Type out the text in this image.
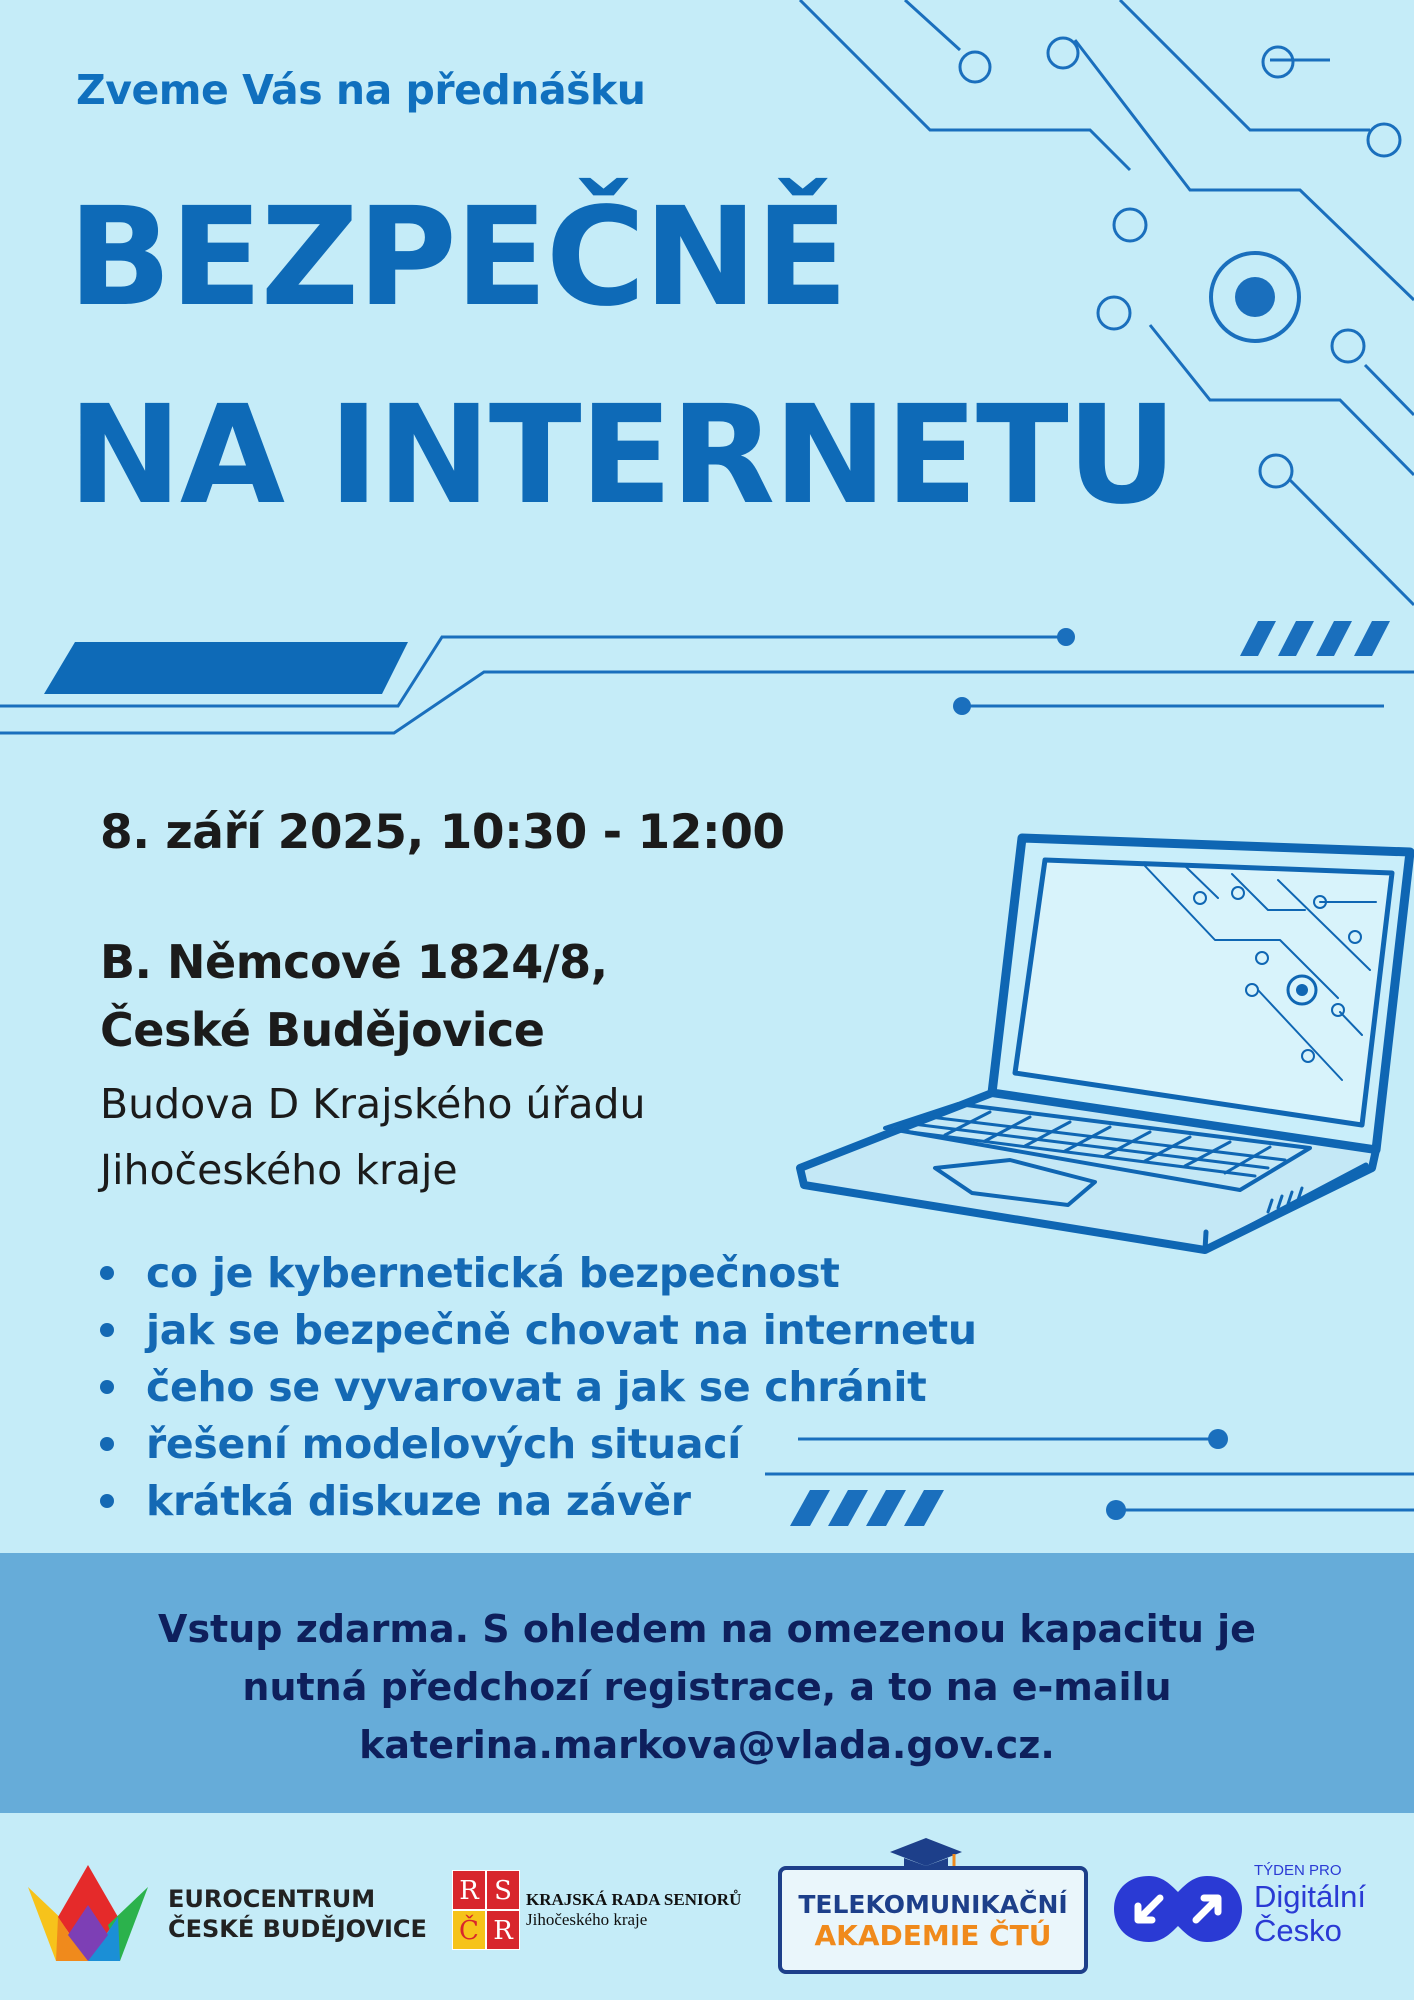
Zveme Vás na přednášku
BEZPEČNĚ
NA INTERNETU
8. září 2025, 10:30 - 12:00
B. Němcové 1824/8,
České Budějovice
Budova D Krajského úřadu
Jihočeského kraje
co je kybernetická bezpečnost
jak se bezpečně chovat na internetu
čeho se vyvarovat a jak se chránit
řešení modelových situací
krátká diskuze na závěr
Vstup zdarma. S ohledem na omezenou kapacitu je
nutná předchozí registrace, a to na e-mailu
katerina.markova@vlada.gov.cz.
EUROCENTRUM
ČESKÉ BUDĚJOVICE
R S
Č R
KRAJSKÁ RADA SENIORŮ
Jihočeského kraje
TELEKOMUNIKAČNÍ
AKADEMIE ČTÚ
TÝDEN PRO
Digitální
Česko
